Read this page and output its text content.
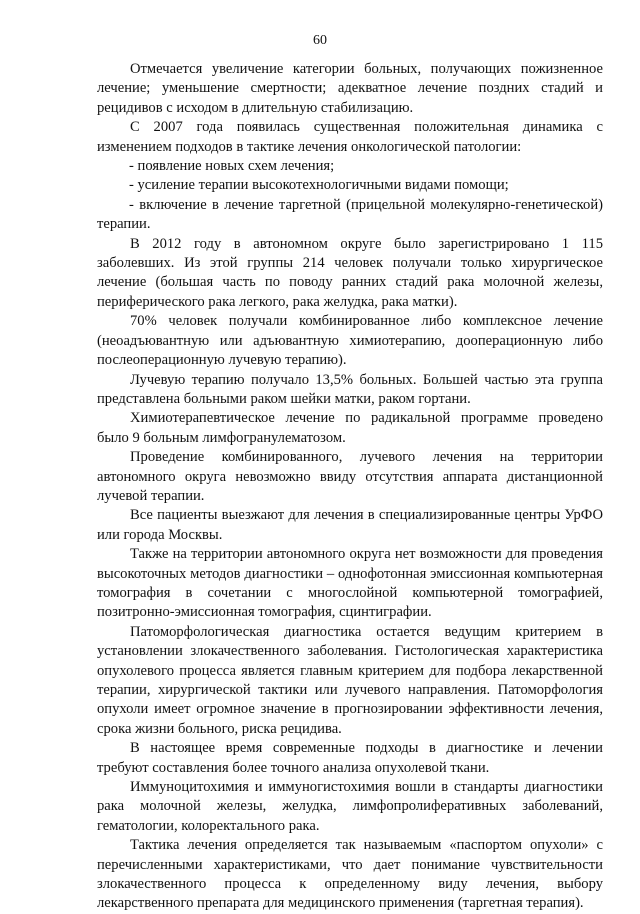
60

Отмечается увеличение категории больных, получающих пожизненное лечение; уменьшение смертности; адекватное лечение поздних стадий и рецидивов с исходом в длительную стабилизацию.

С 2007 года появилась существенная положительная динамика с изменением подходов в тактике лечения онкологической патологии:

- появление новых схем лечения;

- усиление терапии высокотехнологичными видами помощи;

- включение в лечение таргетной (прицельной молекулярно-генетической) терапии.

В 2012 году в автономном округе было зарегистрировано 1 115 заболевших. Из этой группы 214 человек получали только хирургическое лечение (большая часть по поводу ранних стадий рака молочной железы, периферического рака легкого, рака желудка, рака матки).

70% человек получали комбинированное либо комплексное лечение (неоадъювантную или адъювантную химиотерапию, дооперационную либо послеоперационную лучевую терапию).

Лучевую терапию получало 13,5% больных. Большей частью эта группа представлена больными раком шейки матки, раком гортани.

Химиотерапевтическое лечение по радикальной программе проведено было 9 больным лимфогранулематозом.

Проведение комбинированного, лучевого лечения на территории автономного округа невозможно ввиду отсутствия аппарата дистанционной лучевой терапии.

Все пациенты выезжают для лечения в специализированные центры УрФО или города Москвы.

Также на территории автономного округа нет возможности для проведения высокоточных методов диагностики – однофотонная эмиссионная компьютерная томография в сочетании с многослойной компьютерной томографией, позитронно-эмиссионная томография, сцинтиграфии.

Патоморфологическая диагностика остается ведущим критерием в установлении злокачественного заболевания. Гистологическая характеристика опухолевого процесса является главным критерием для подбора лекарственной терапии, хирургической тактики или лучевого направления. Патоморфология опухоли имеет огромное значение в прогнозировании эффективности лечения, срока жизни больного, риска рецидива.

В настоящее время современные подходы в диагностике и лечении требуют составления более точного анализа опухолевой ткани.

Иммуноцитохимия и иммуногистохимия вошли в стандарты диагностики рака молочной железы, желудка, лимфопролиферативных заболеваний, гематологии, колоректального рака.

Тактика лечения определяется так называемым «паспортом опухоли» с перечисленными характеристиками, что дает понимание чувствительности злокачественного процесса к определенному виду лечения, выбору лекарственного препарата для медицинского применения (таргетная терапия).
